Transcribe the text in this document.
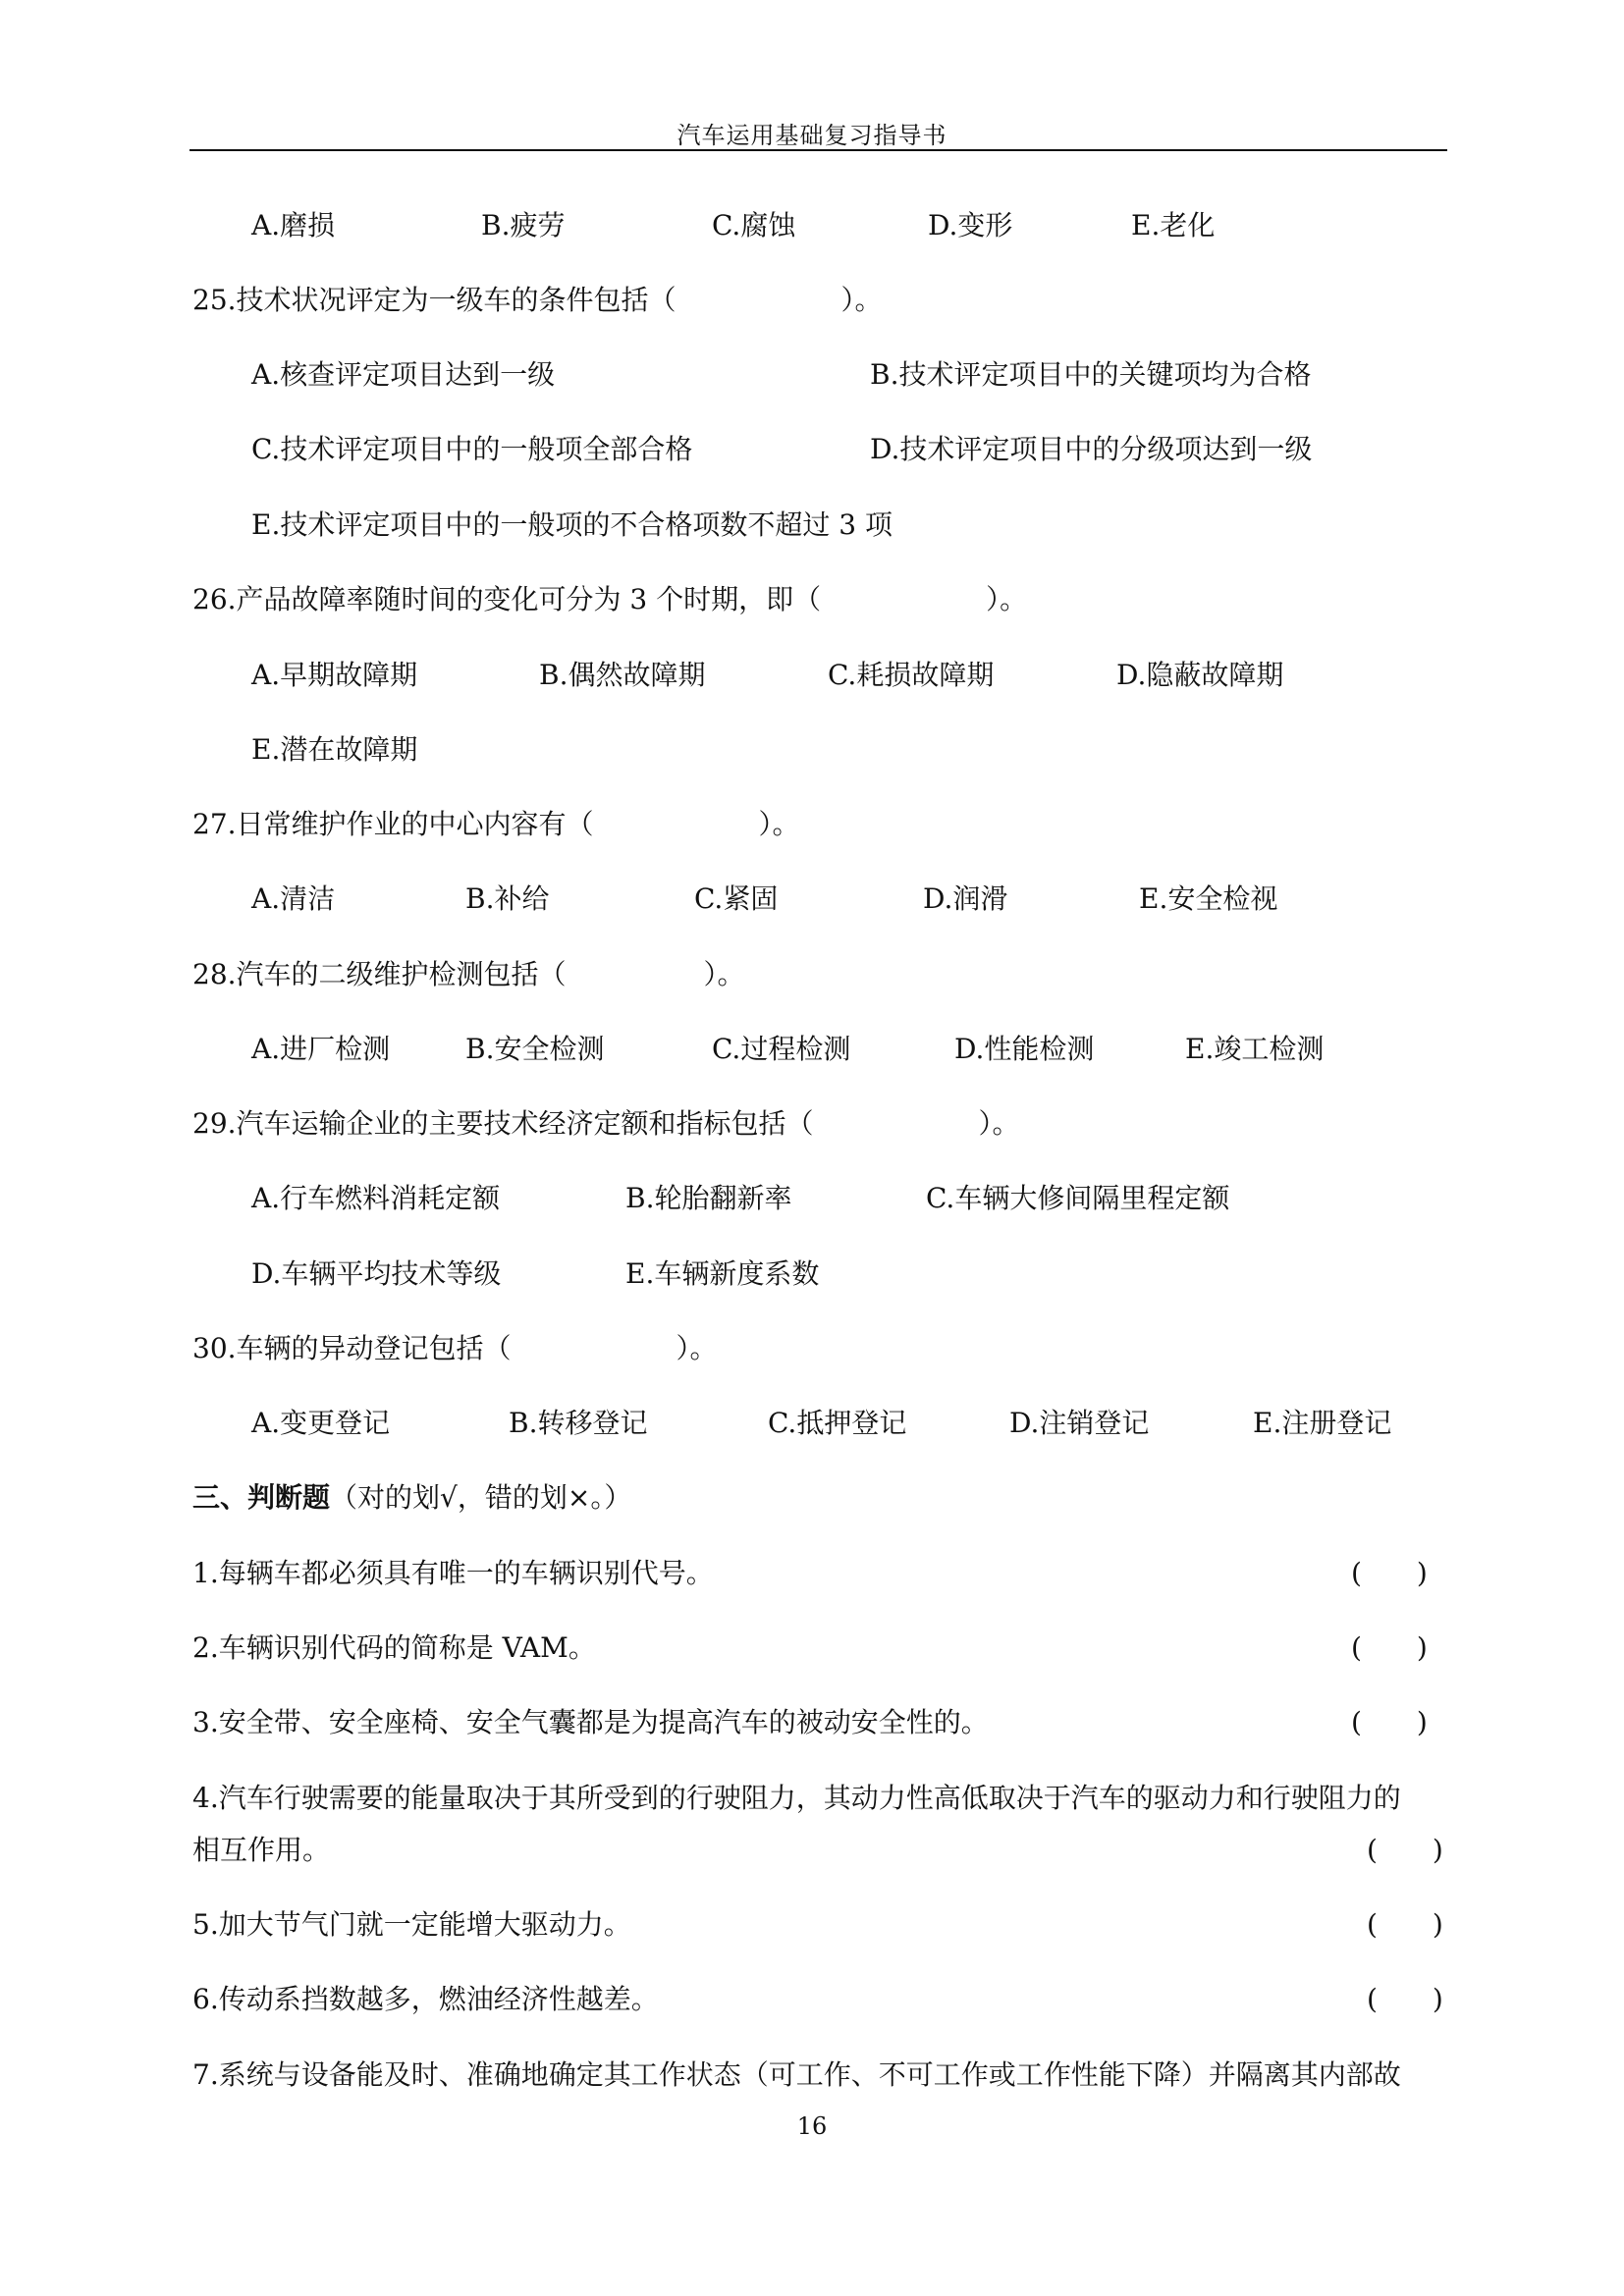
汽车运用基础复习指导书
A.磨损	B.疲劳	C.腐蚀	D.变形	E.老化
25.技术状况评定为一级车的条件包括（　　　　　　）。
A.核查评定项目达到一级	B.技术评定项目中的关键项均为合格
C.技术评定项目中的一般项全部合格	D.技术评定项目中的分级项达到一级
E.技术评定项目中的一般项的不合格项数不超过 3 项
26.产品故障率随时间的变化可分为 3 个时期，即（　　　　　　）。
A.早期故障期	B.偶然故障期	C.耗损故障期	D.隐蔽故障期
E.潜在故障期
27.日常维护作业的中心内容有（　　　　　　）。
A.清洁	B.补给	C.紧固	D.润滑	E.安全检视
28.汽车的二级维护检测包括（　　　　　）。
A.进厂检测	B.安全检测	C.过程检测	D.性能检测	E.竣工检测
29.汽车运输企业的主要技术经济定额和指标包括（　　　　　　）。
A.行车燃料消耗定额	B.轮胎翻新率	C.车辆大修间隔里程定额
D.车辆平均技术等级	E.车辆新度系数
30.车辆的异动登记包括（　　　　　　）。
A.变更登记	B.转移登记	C.抵押登记	D.注销登记	E.注册登记
三、判断题（对的划√，错的划×。）
1.每辆车都必须具有唯一的车辆识别代号。	(　　)
2.车辆识别代码的简称是 VAM。	(　　)
3.安全带、安全座椅、安全气囊都是为提高汽车的被动安全性的。	(　　)
4.汽车行驶需要的能量取决于其所受到的行驶阻力，其动力性高低取决于汽车的驱动力和行驶阻力的
相互作用。	(　　)
5.加大节气门就一定能增大驱动力。	(　　)
6.传动系挡数越多，燃油经济性越差。	(　　)
7.系统与设备能及时、准确地确定其工作状态（可工作、不可工作或工作性能下降）并隔离其内部故
16
